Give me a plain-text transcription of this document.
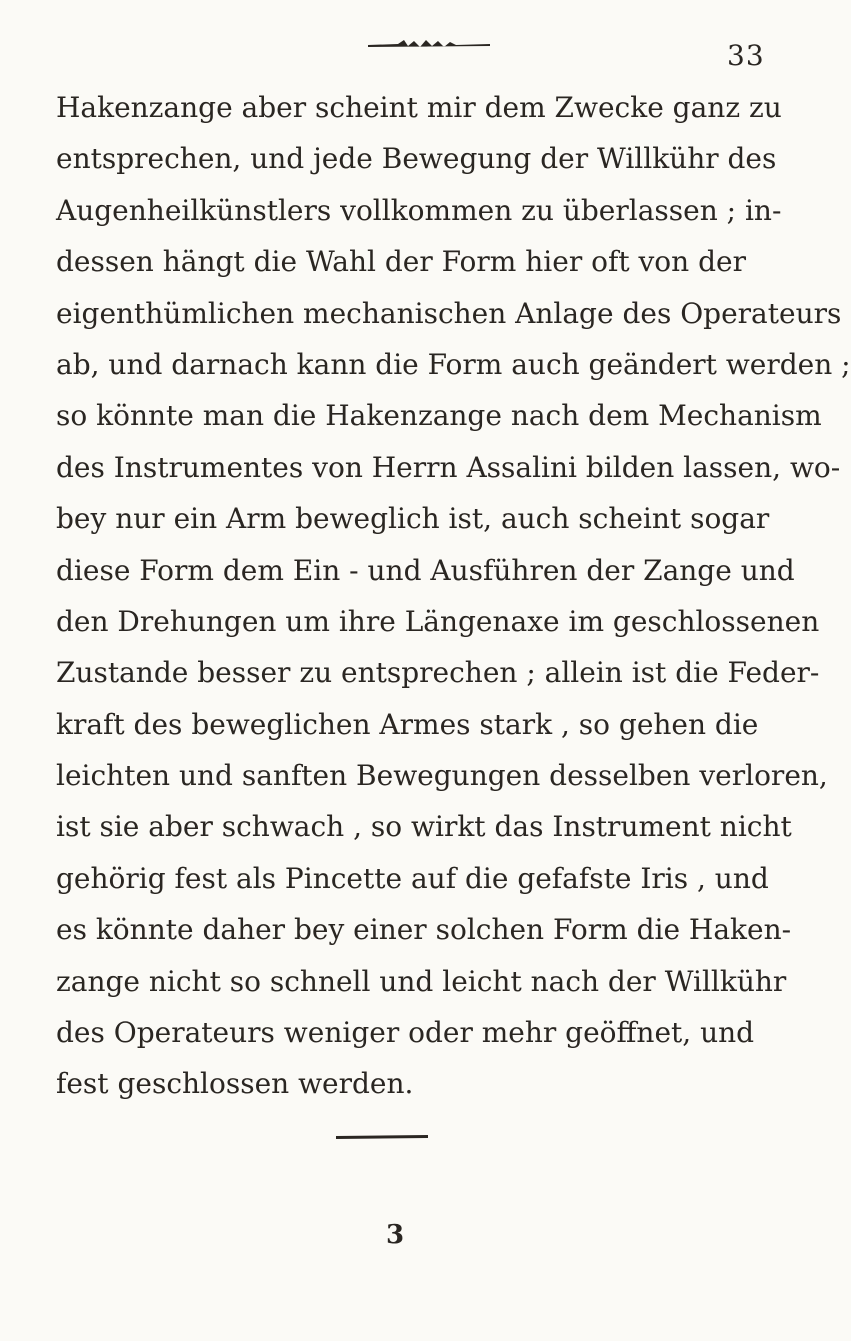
33
Hakenzange aber scheint mir dem Zwecke ganz zu
entsprechen, und jede Bewegung der Willkühr des
Augenheilkünstlers vollkommen zu überlassen ; in-
dessen hängt die Wahl der Form hier oft von der
eigenthümlichen mechanischen Anlage des Operateurs
ab, und darnach kann die Form auch geändert werden ;
so könnte man die Hakenzange nach dem Mechanism
des Instrumentes von Herrn Assalini bilden lassen, wo-
bey nur ein Arm beweglich ist, auch scheint sogar
diese Form dem Ein - und Ausführen der Zange und
den Drehungen um ihre Längenaxe im geschlossenen
Zustande besser zu entsprechen ; allein ist die Feder-
kraft des beweglichen Armes stark , so gehen die
leichten und sanften Bewegungen desselben verloren,
ist sie aber schwach , so wirkt das Instrument nicht
gehörig fest als Pincette auf die gefafste Iris , und
es könnte daher bey einer solchen Form die Haken-
zange nicht so schnell und leicht nach der Willkühr
des Operateurs weniger oder mehr geöffnet, und
fest geschlossen werden.
3
